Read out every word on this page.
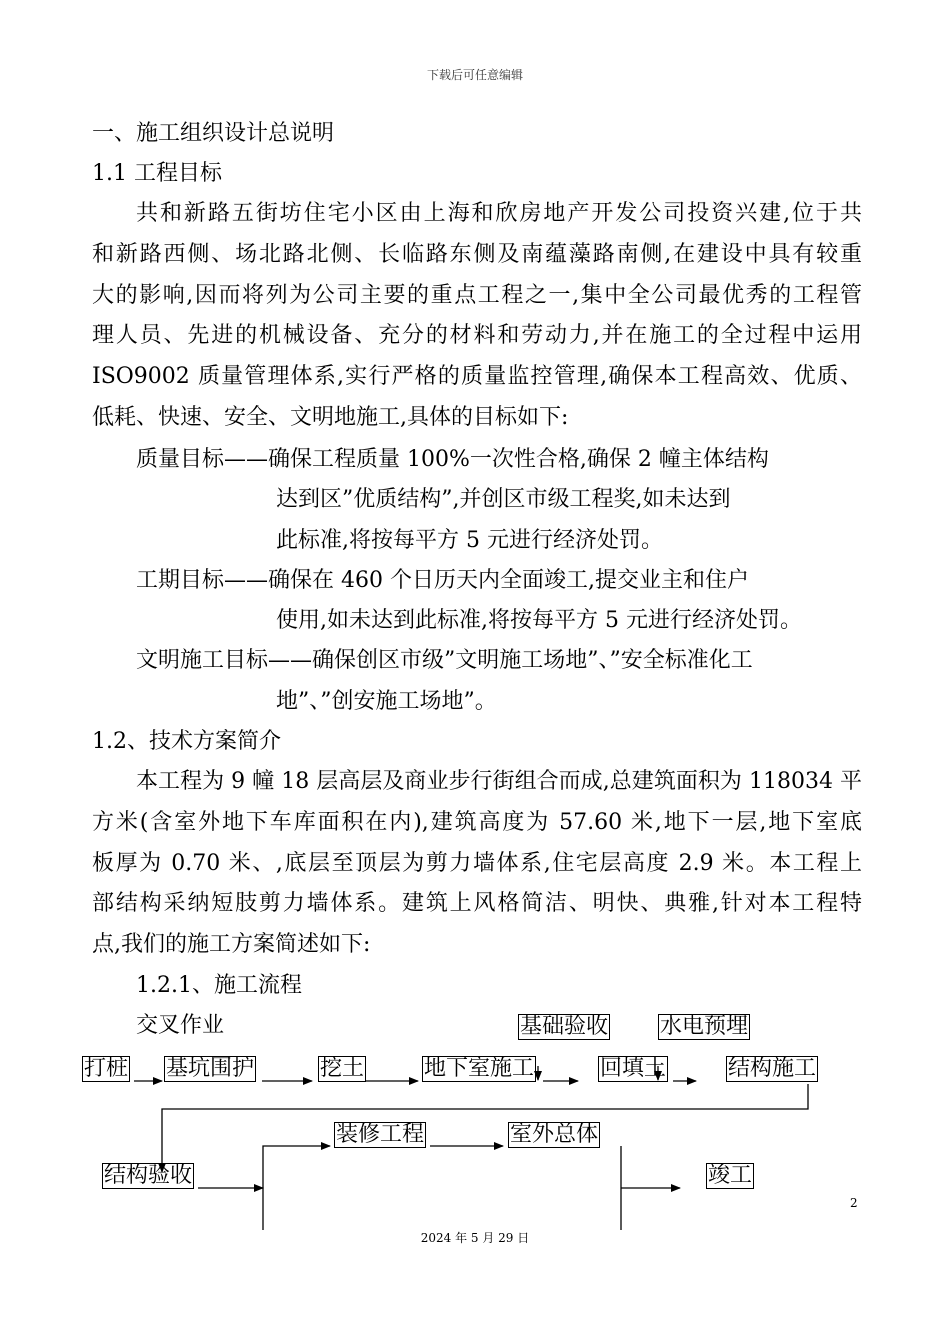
下载后可任意编辑
一、施工组织设计总说明
1.1 工程目标
共和新路五街坊住宅小区由上海和欣房地产开发公司投资兴建,位于共
和新路西侧、场北路北侧、长临路东侧及南蕴藻路南侧,在建设中具有较重
大的影响,因而将列为公司主要的重点工程之一,集中全公司最优秀的工程管
理人员、先进的机械设备、充分的材料和劳动力,并在施工的全过程中运用
ISO9002 质量管理体系,实行严格的质量监控管理,确保本工程高效、优质、
低耗、快速、安全、文明地施工,具体的目标如下:
质量目标——确保工程质量 100%一次性合格,确保 2 幢主体结构
达到区”优质结构”,并创区市级工程奖,如未达到
此标准,将按每平方 5 元进行经济处罚。
工期目标——确保在 460 个日历天内全面竣工,提交业主和住户
使用,如未达到此标准,将按每平方 5 元进行经济处罚。
文明施工目标——确保创区市级”文明施工场地”、”安全标准化工
地”、”创安施工场地”。
1.2、技术方案简介
本工程为 9 幢 18 层高层及商业步行街组合而成,总建筑面积为 118034 平
方米(含室外地下车库面积在内),建筑高度为 57.60 米,地下一层,地下室底
板厚为 0.70 米、,底层至顶层为剪力墙体系,住宅层高度 2.9 米。本工程上
部结构采纳短肢剪力墙体系。建筑上风格简洁、明快、典雅,针对本工程特
点,我们的施工方案简述如下:
1.2.1、施工流程
交叉作业	基础验收 水电预埋
打桩 基坑围护	挖土	地下室施工	回填土	结构施工
装修工程	室外总体
结构验收	竣工
2
2024 年 5 月 29 日
